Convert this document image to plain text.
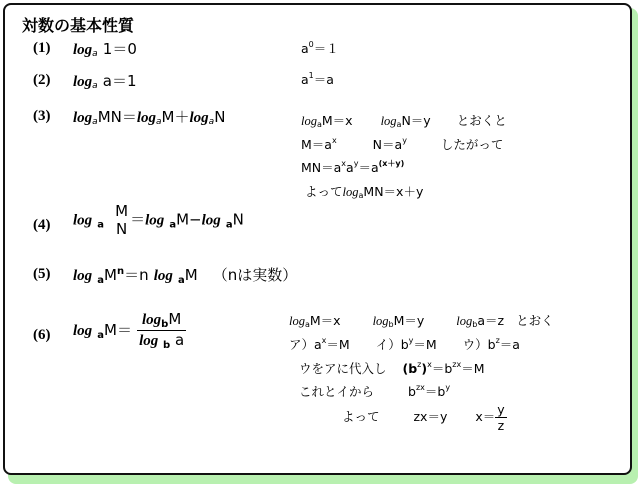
対数の基本性質
(1) loga 1＝0	$a^0=1$
(2) loga a＝1	$a^1=a$
(3) logaMN＝logaM＋logaN	$\log_aM=x$ $\log_aN=y$ とおくと
$M=a^x$	$N=a^y$	したがって
$MN=a^xa^y=a^{(x+y)}$
よって$\log_aMN=x+y$
(4) log a
M
N
＝log aM−log aN
(5) $\log aM^n=n$ log aM （nは実数）
(6) $\log aM= \frac{\log_bM}{\log _b a}$	$\log_aM=x$	$\log_bM=y$	$\log_ba=z$ とおく
ア）$a^x=M$ イ）$b^y=M$ ウ）$b^z=a$
ウをアに代入し $(b^z)^x=b^{zx}=M$
これとイから	$b^{zx}=b^y$
よって	zx＝y $x= \frac{y}{z}$
